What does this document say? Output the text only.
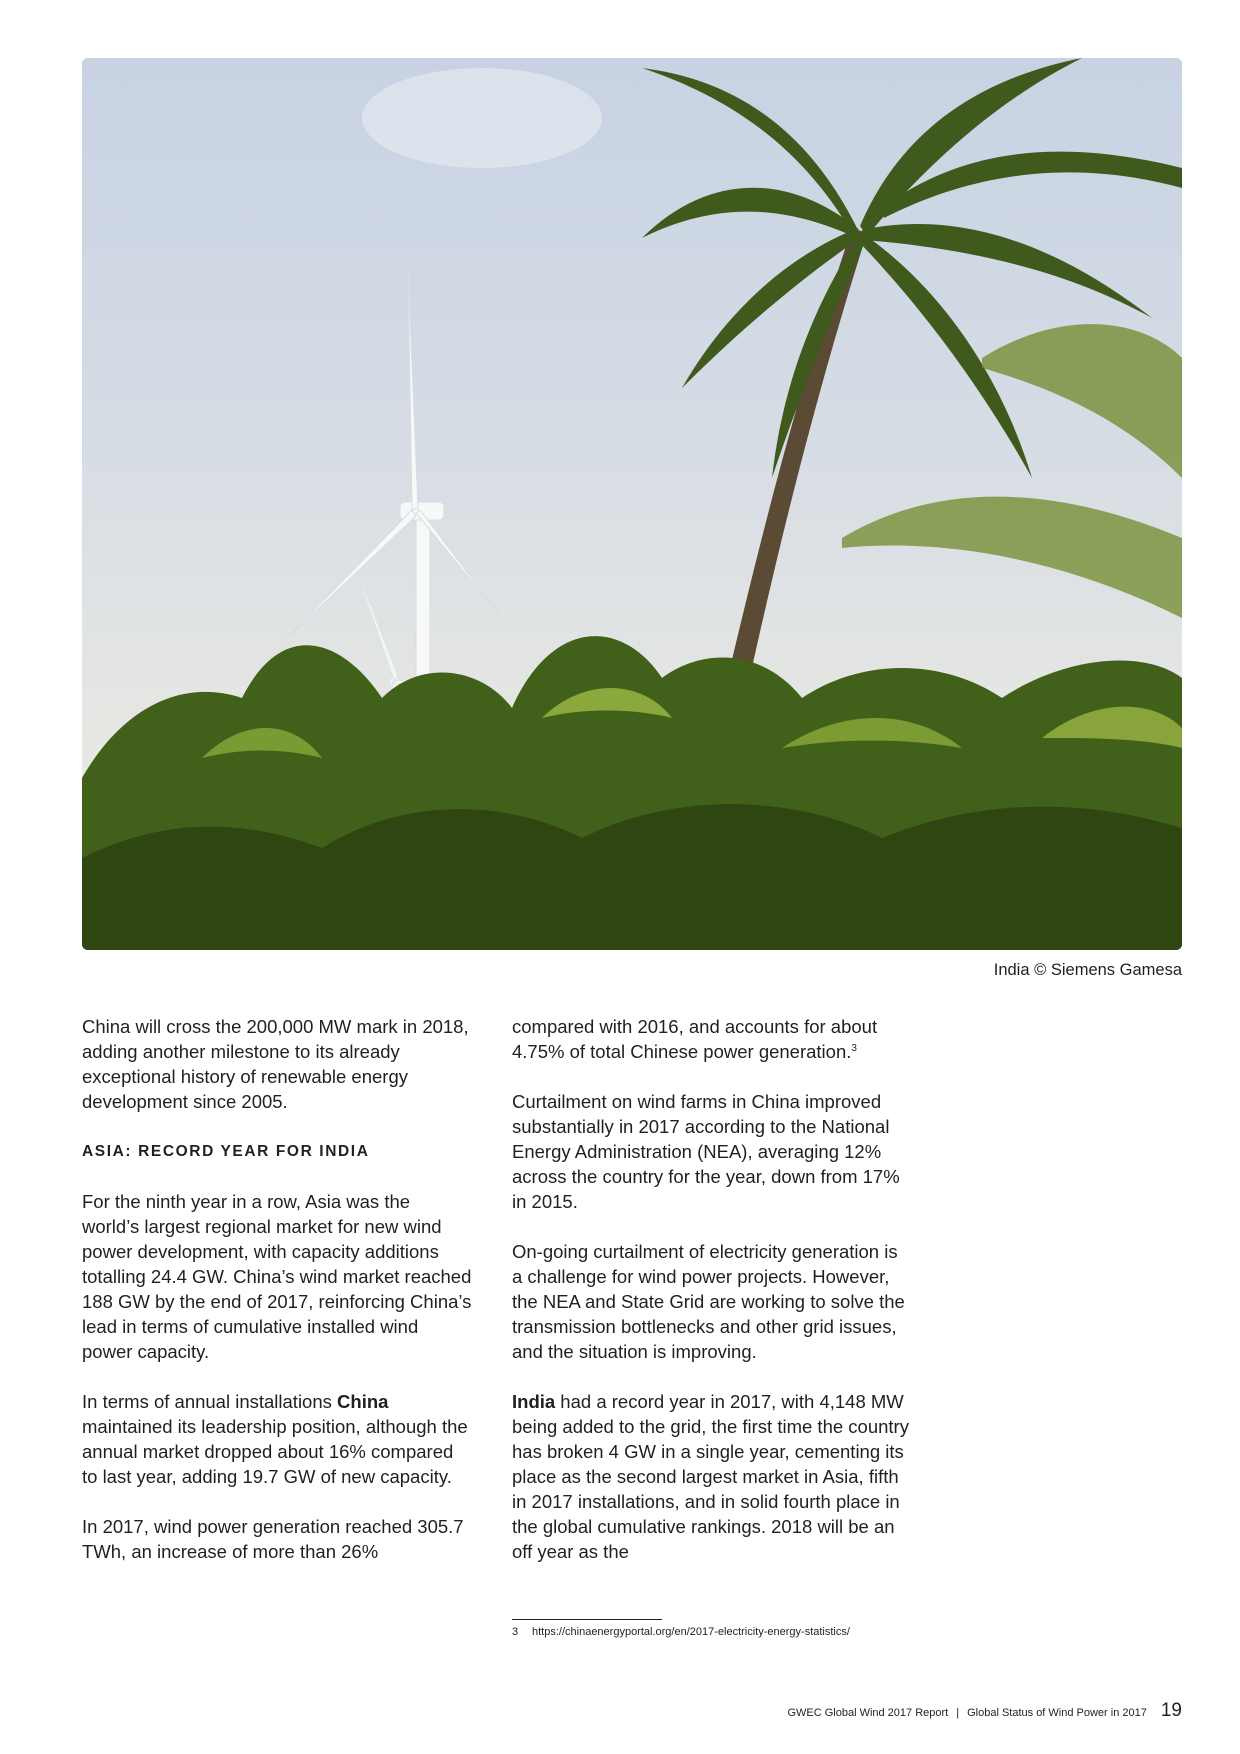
India © Siemens Gamesa

China will cross the 200,000 MW mark in 2018, adding another milestone to its already exceptional history of renewable energy development since 2005.

ASIA: RECORD YEAR FOR INDIA

For the ninth year in a row, Asia was the world’s largest regional market for new wind power development, with capacity additions totalling 24.4 GW. China’s wind market reached 188 GW by the end of 2017, reinforcing China’s lead in terms of cumulative installed wind power capacity.

In terms of annual installations China maintained its leadership position, although the annual market dropped about 16% compared to last year, adding 19.7 GW of new capacity.

In 2017, wind power generation reached 305.7 TWh, an increase of more than 26%

compared with 2016, and accounts for about 4.75% of total Chinese power generation.$^3$

Curtailment on wind farms in China improved substantially in 2017 according to the National Energy Administration (NEA), averaging 12% across the country for the year, down from 17% in 2015.

On-going curtailment of electricity generation is a challenge for wind power projects. However, the NEA and State Grid are working to solve the transmission bottlenecks and other grid issues, and the situation is improving.

India had a record year in 2017, with 4,148 MW being added to the grid, the first time the country has broken 4 GW in a single year, cementing its place as the second largest market in Asia, fifth in 2017 installations, and in solid fourth place in the global cumulative rankings. 2018 will be an off year as the

3 https://chinaenergyportal.org/en/2017-electricity-energy-statistics/
GWEC Global Wind 2017 Report | Global Status of Wind Power in 2017 19
